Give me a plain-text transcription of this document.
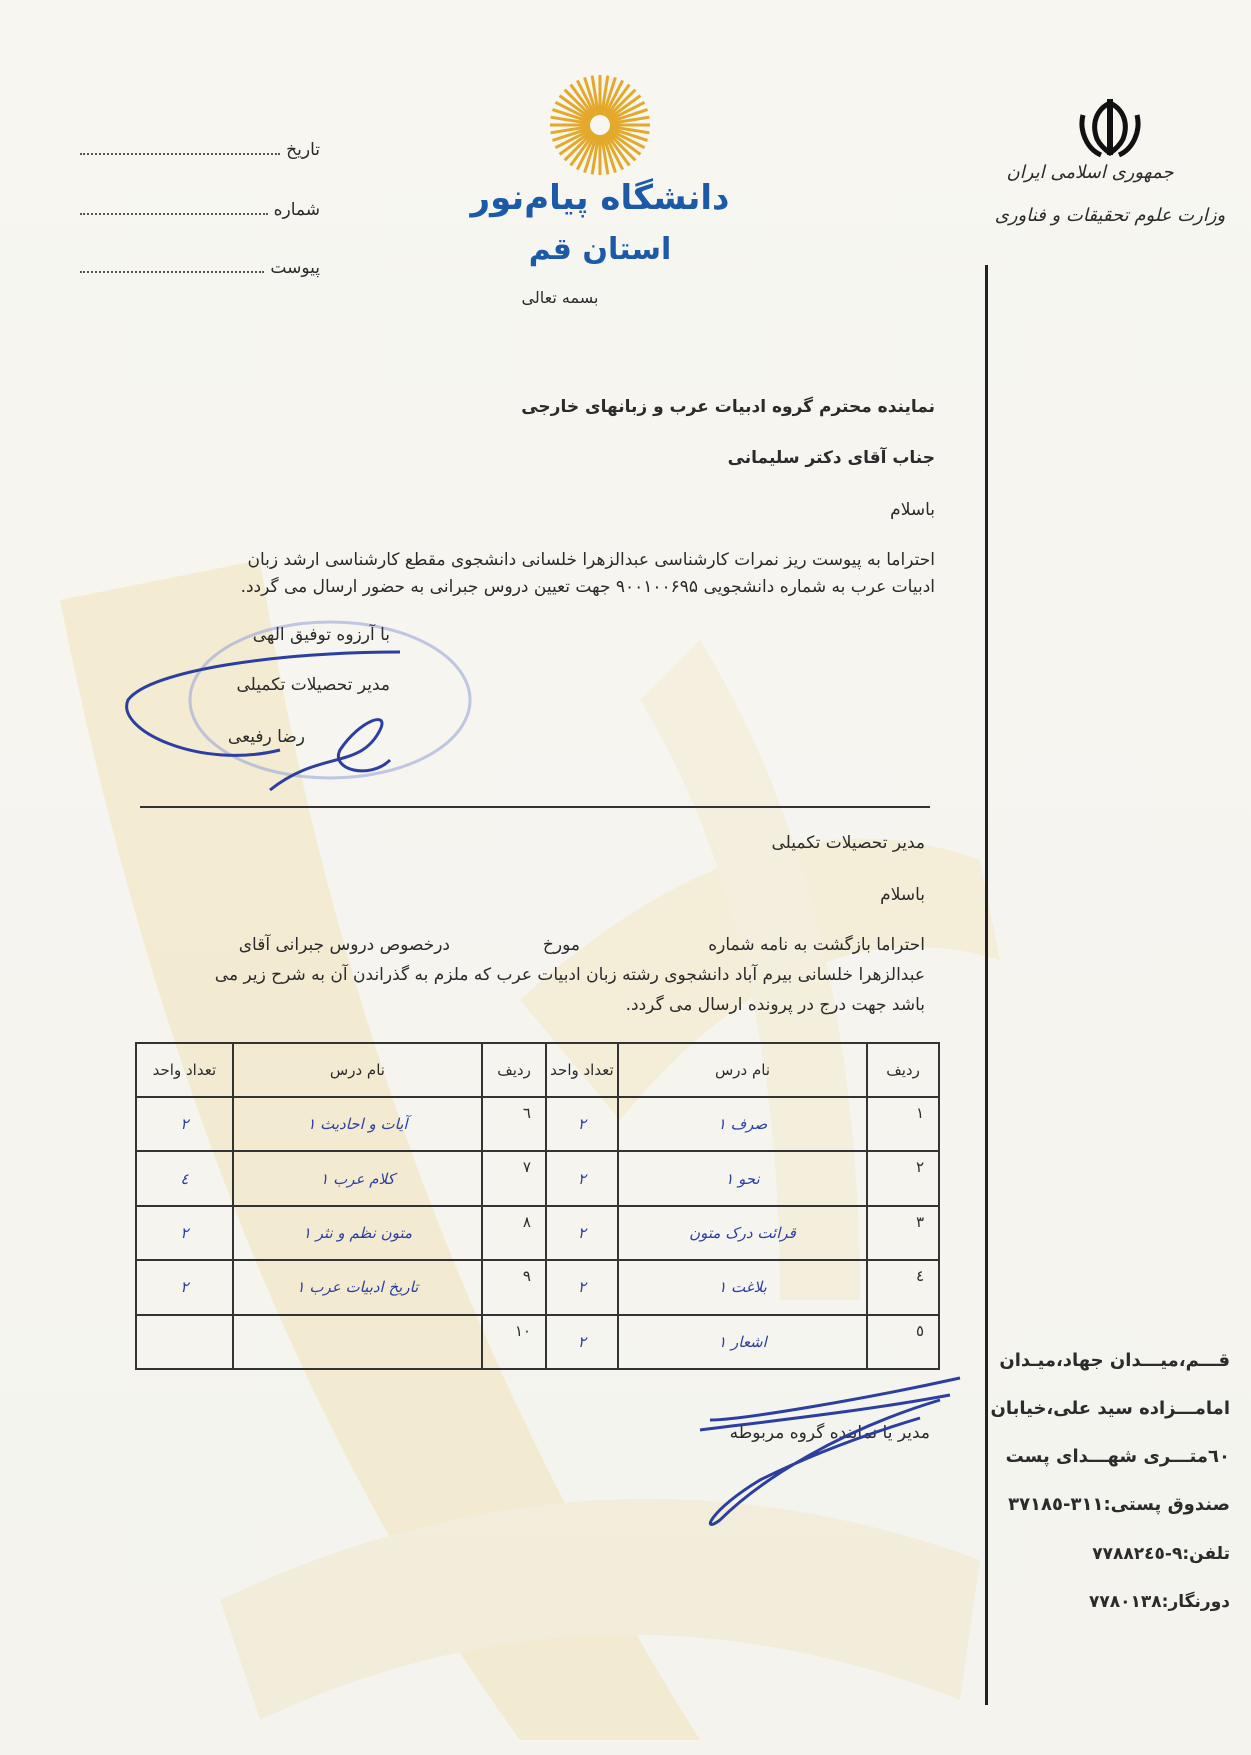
تاریخ
شماره
پیوست
دانشگاه پیام‌نور
استان قم
بسمه تعالی
جمهوری اسلامی ایران
وزارت علوم تحقیقات و فناوری
نماینده محترم گروه ادبیات عرب و زبانهای خارجی
جناب آقای دکتر سلیمانی
باسلام
احتراما به پیوست ریز نمرات کارشناسی عبدالزهرا خلسانی دانشجوی مقطع کارشناسی ارشد زبان
ادبیات عرب به شماره دانشجویی ۹۰۰۱۰۰۶۹۵ جهت تعیین دروس جبرانی به حضور ارسال می گردد.
با آرزوه توفیق الهی
مدیر تحصیلات تکمیلی
رضا رفیعی
مدیر تحصیلات تکمیلی
باسلام
احتراما بازگشت به نامه شماره
مورخ
درخصوص دروس جبرانی آقای
عبدالزهرا خلسانی بیرم آباد دانشجوی رشته زبان ادبیات عرب که ملزم به گذراندن آن به شرح زیر می
باشد جهت درج در پرونده ارسال می گردد.
ردیف	نام درس	تعداد واحد	ردیف	نام درس	تعداد واحد
۱	صرف ۱	۲	٦	آیات و احادیث ۱	۲
۲	نحو ۱	۲	٧	کلام عرب ۱	٤
۳	قرائت درک متون	۲	٨	متون نظم و نثر ۱	۲
٤	بلاغت ۱	۲	٩	تاریخ ادبیات عرب ۱	۲
٥	اشعار ۱	۲	١٠		
مدیر یا نماینده گروه مربوطه
قـــم،میـــدان جهاد،میـدان
امامـــزاده سید علی،خیابان
٦٠متـــری شهـــدای پست
صندوق پستی:٣١١-٣٧١٨٥
تلفن:٩-٧٧٨٨٢٤٥
دورنگار:٧٧٨٠١٣٨
